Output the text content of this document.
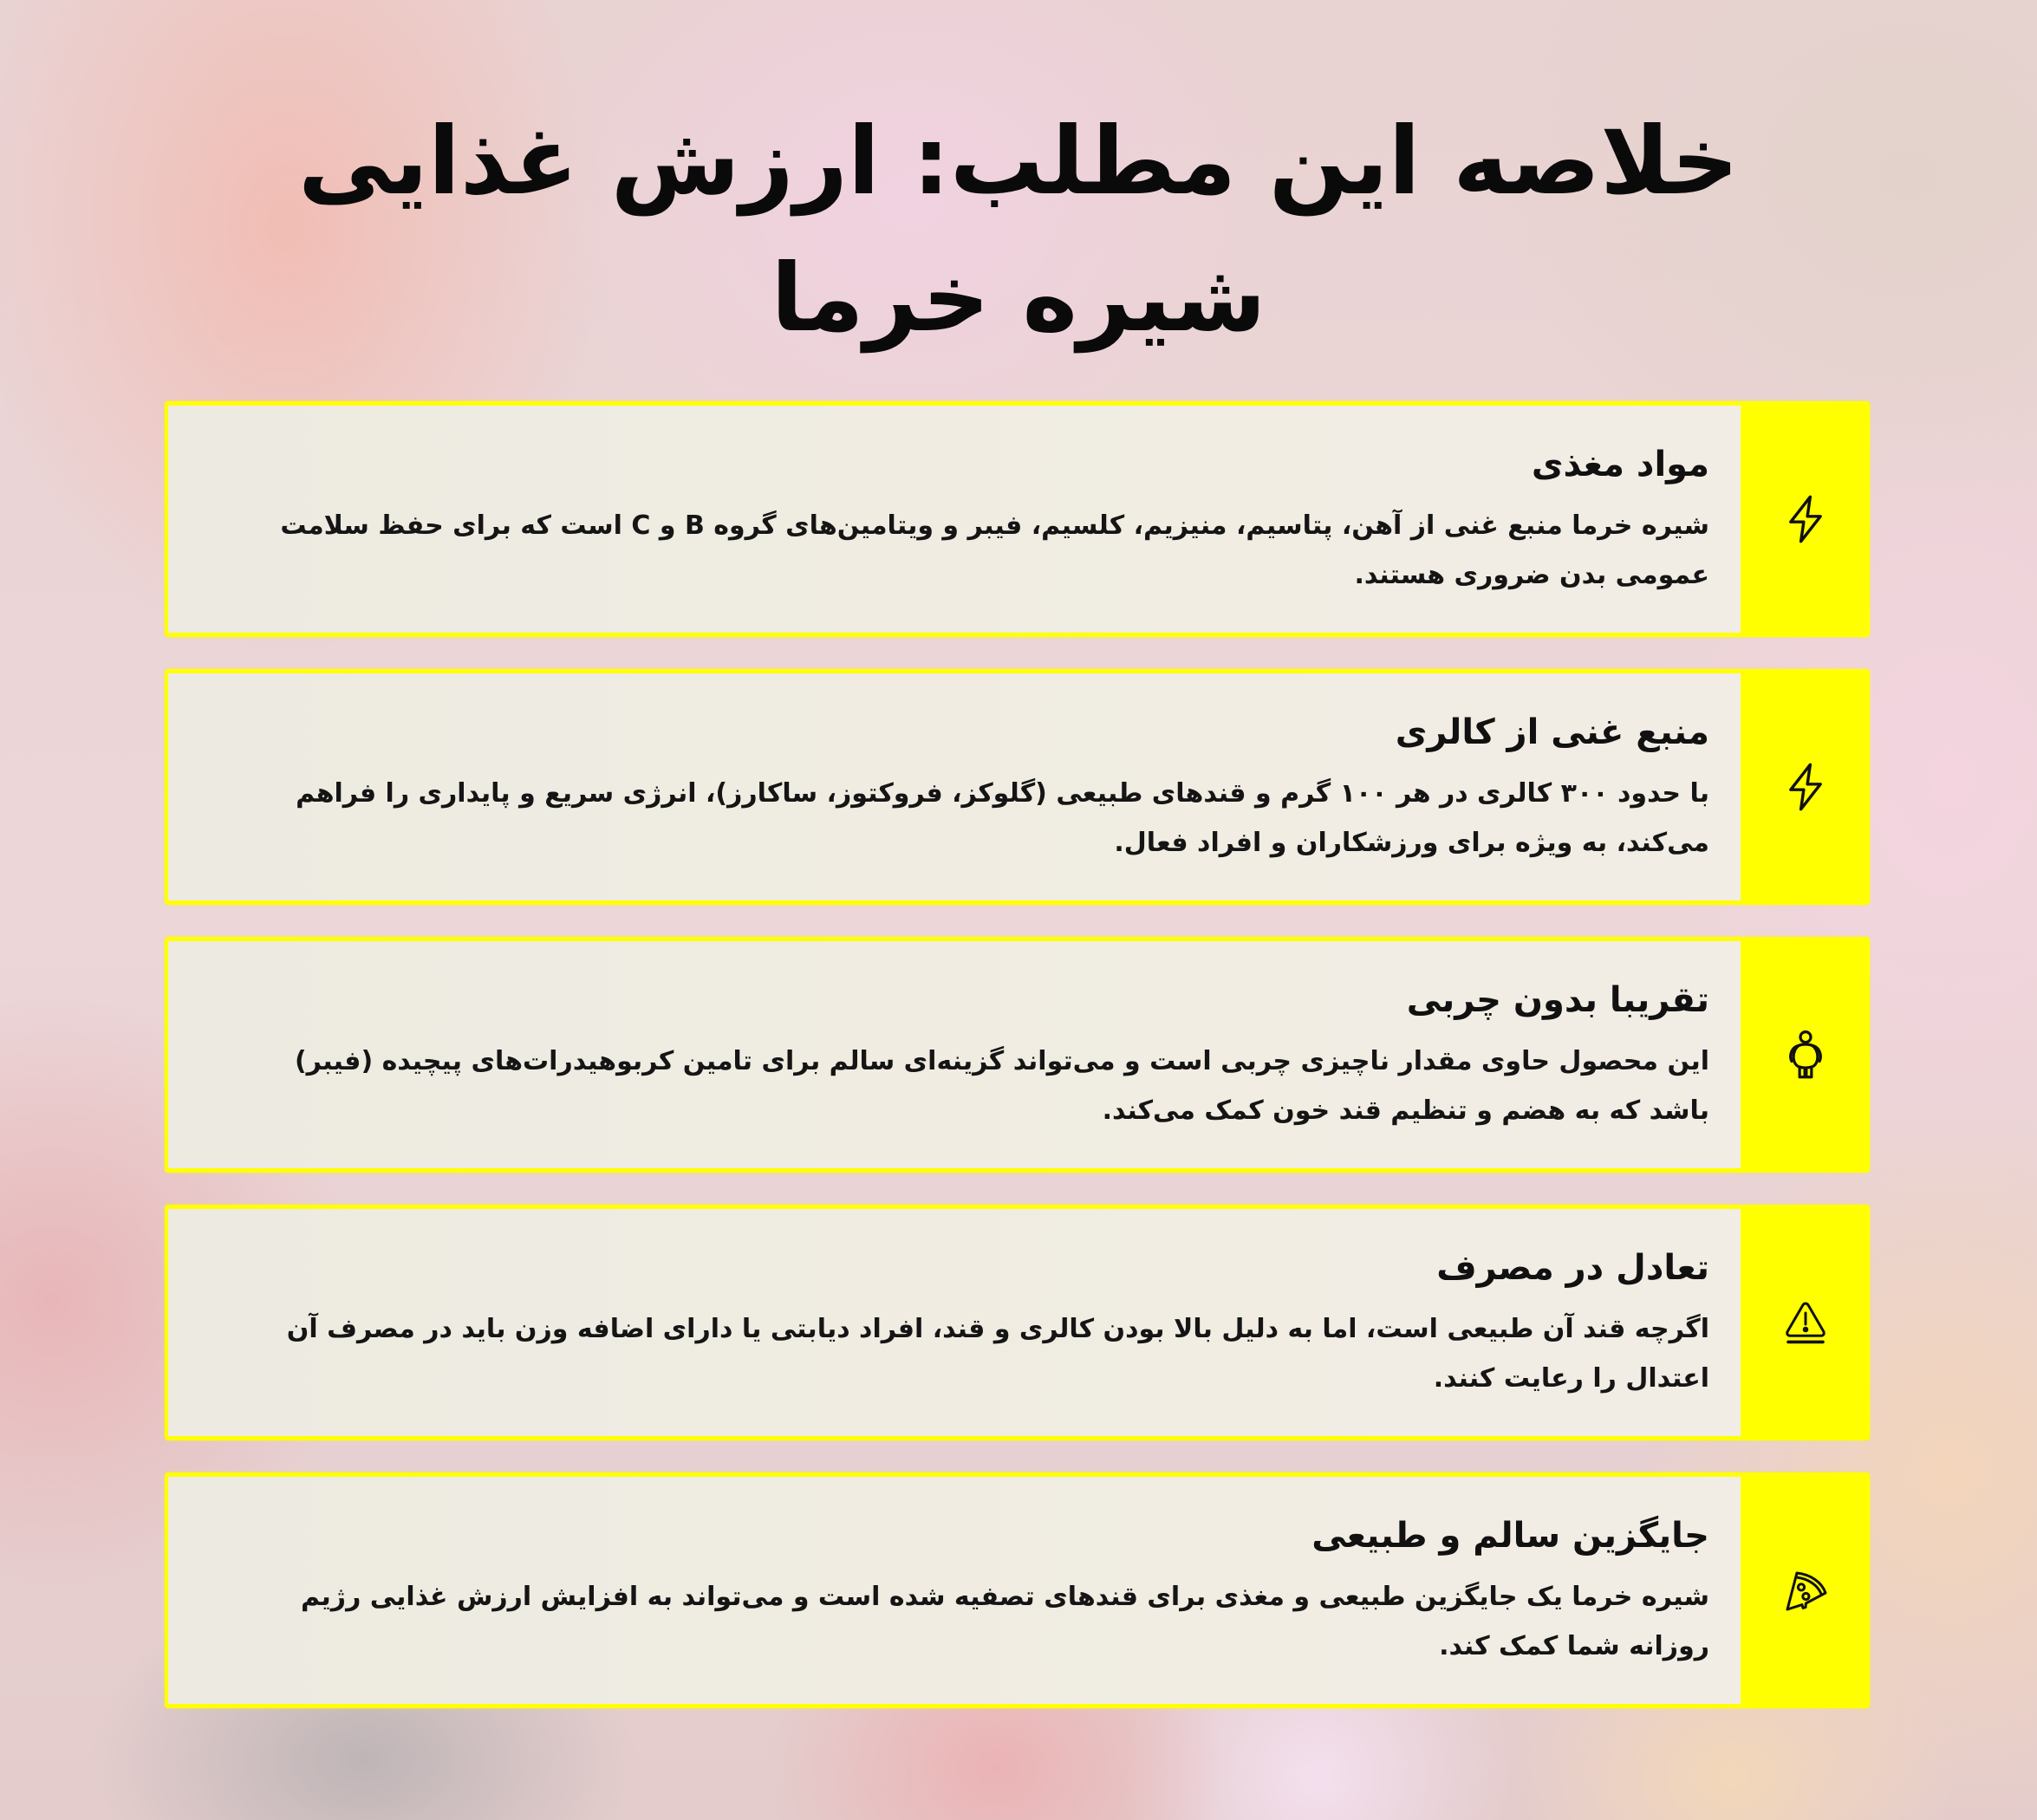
خلاصه این مطلب: ارزش غذایی شیره خرما
مواد مغذی

شیره خرما منبع غنی از آهن، پتاسیم، منیزیم، کلسیم، فیبر و ویتامین‌های گروه B و C است که برای حفظ سلامت عمومی بدن ضروری هستند.

منبع غنی از کالری

با حدود ۳۰۰ کالری در هر ۱۰۰ گرم و قندهای طبیعی (گلوکز، فروکتوز، ساکارز)، انرژی سریع و پایداری را فراهم می‌کند، به ویژه برای ورزشکاران و افراد فعال.

تقریبا بدون چربی

این محصول حاوی مقدار ناچیزی چربی است و می‌تواند گزینه‌ای سالم برای تامین کربوهیدرات‌های پیچیده (فیبر) باشد که به هضم و تنظیم قند خون کمک می‌کند.

تعادل در مصرف

اگرچه قند آن طبیعی است، اما به دلیل بالا بودن کالری و قند، افراد دیابتی یا دارای اضافه وزن باید در مصرف آن اعتدال را رعایت کنند.

جایگزین سالم و طبیعی

شیره خرما یک جایگزین طبیعی و مغذی برای قندهای تصفیه شده است و می‌تواند به افزایش ارزش غذایی رژیم روزانه شما کمک کند.
